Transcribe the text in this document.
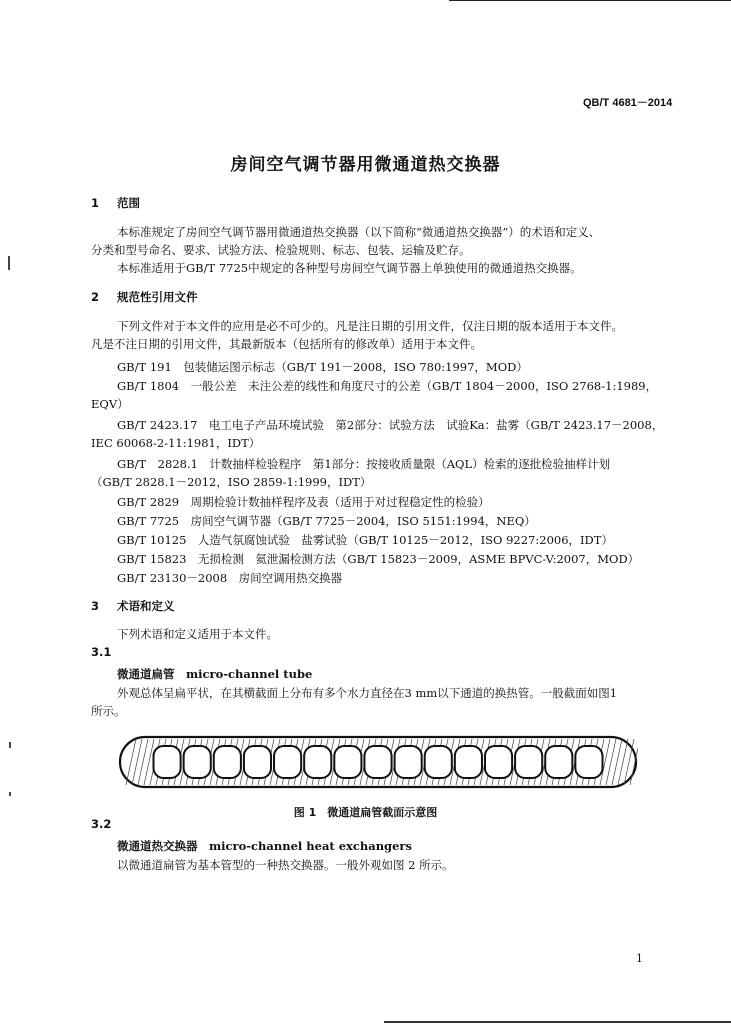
QB/T 4681－2014
房间空气调节器用微通道热交换器
1 范围
本标准规定了房间空气调节器用微通道热交换器（以下简称“微通道热交换器”）的术语和定义、
分类和型号命名、要求、试验方法、检验规则、标志、包装、运输及贮存。
本标准适用于GB/T 7725中规定的各种型号房间空气调节器上单独使用的微通道热交换器。
2 规范性引用文件
下列文件对于本文件的应用是必不可少的。凡是注日期的引用文件，仅注日期的版本适用于本文件。
凡是不注日期的引用文件，其最新版本（包括所有的修改单）适用于本文件。
GB/T 191　包装储运图示标志（GB/T 191－2008，ISO 780:1997，MOD）
GB/T 1804　一般公差　未注公差的线性和角度尺寸的公差（GB/T 1804－2000，ISO 2768-1:1989，
EQV）
GB/T 2423.17　电工电子产品环境试验　第2部分：试验方法　试验Ka：盐雾（GB/T 2423.17－2008，
IEC 60068-2-11:1981，IDT）
GB/T　2828.1　计数抽样检验程序　第1部分：按接收质量限（AQL）检索的逐批检验抽样计划
（GB/T 2828.1－2012，ISO 2859-1:1999，IDT）
GB/T 2829　周期检验计数抽样程序及表（适用于对过程稳定性的检验）
GB/T 7725　房间空气调节器（GB/T 7725－2004，ISO 5151:1994，NEQ）
GB/T 10125　人造气氛腐蚀试验　盐雾试验（GB/T 10125－2012，ISO 9227:2006，IDT）
GB/T 15823　无损检测　氦泄漏检测方法（GB/T 15823－2009，ASME BPVC-V:2007，MOD）
GB/T 23130－2008　房间空调用热交换器
3 术语和定义
下列术语和定义适用于本文件。
3.1
微通道扁管　micro-channel tube
外观总体呈扁平状，在其横截面上分布有多个水力直径在3 mm以下通道的换热管。一般截面如图1
所示。
图 1　微通道扁管截面示意图
3.2
微通道热交换器　micro-channel heat exchangers
以微通道扁管为基本管型的一种热交换器。一般外观如图 2 所示。
1
